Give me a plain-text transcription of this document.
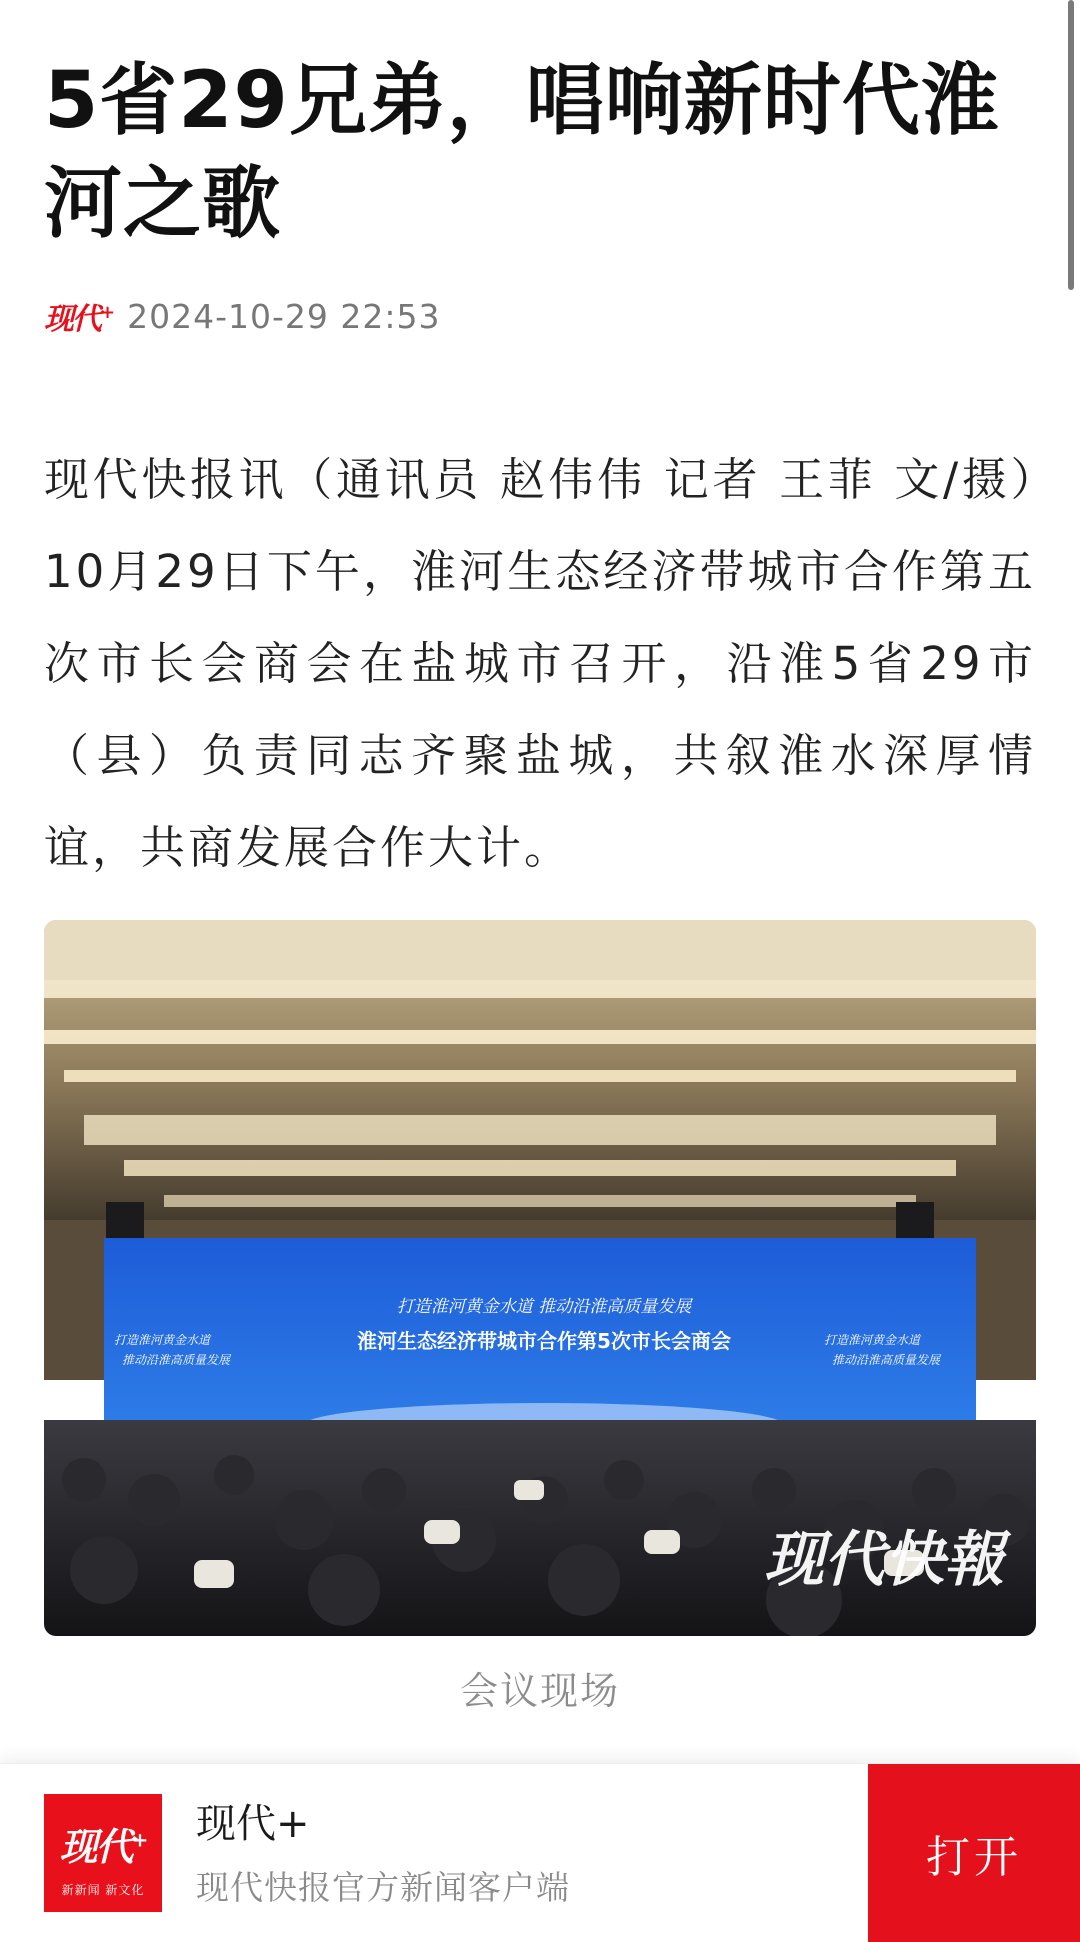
5省29兄弟，唱响新时代淮河之歌
现代+ 2024-10-29 22:53

现代快报讯（通讯员 赵伟伟 记者 王菲 文/摄）10月29日下午，淮河生态经济带城市合作第五次市长会商会在盐城市召开，沿淮5省29市（县）负责同志齐聚盐城，共叙淮水深厚情谊，共商发展合作大计。

打造淮河黄金水道 推动沿淮高质量发展
淮河生态经济带城市合作第5次市长会商会
打造淮河黄金水道
推动沿淮高质量发展
打造淮河黄金水道
推动沿淮高质量发展
现代快報
会议现场
现代+
新新闻 新文化
现代+
现代快报官方新闻客户端
打开
